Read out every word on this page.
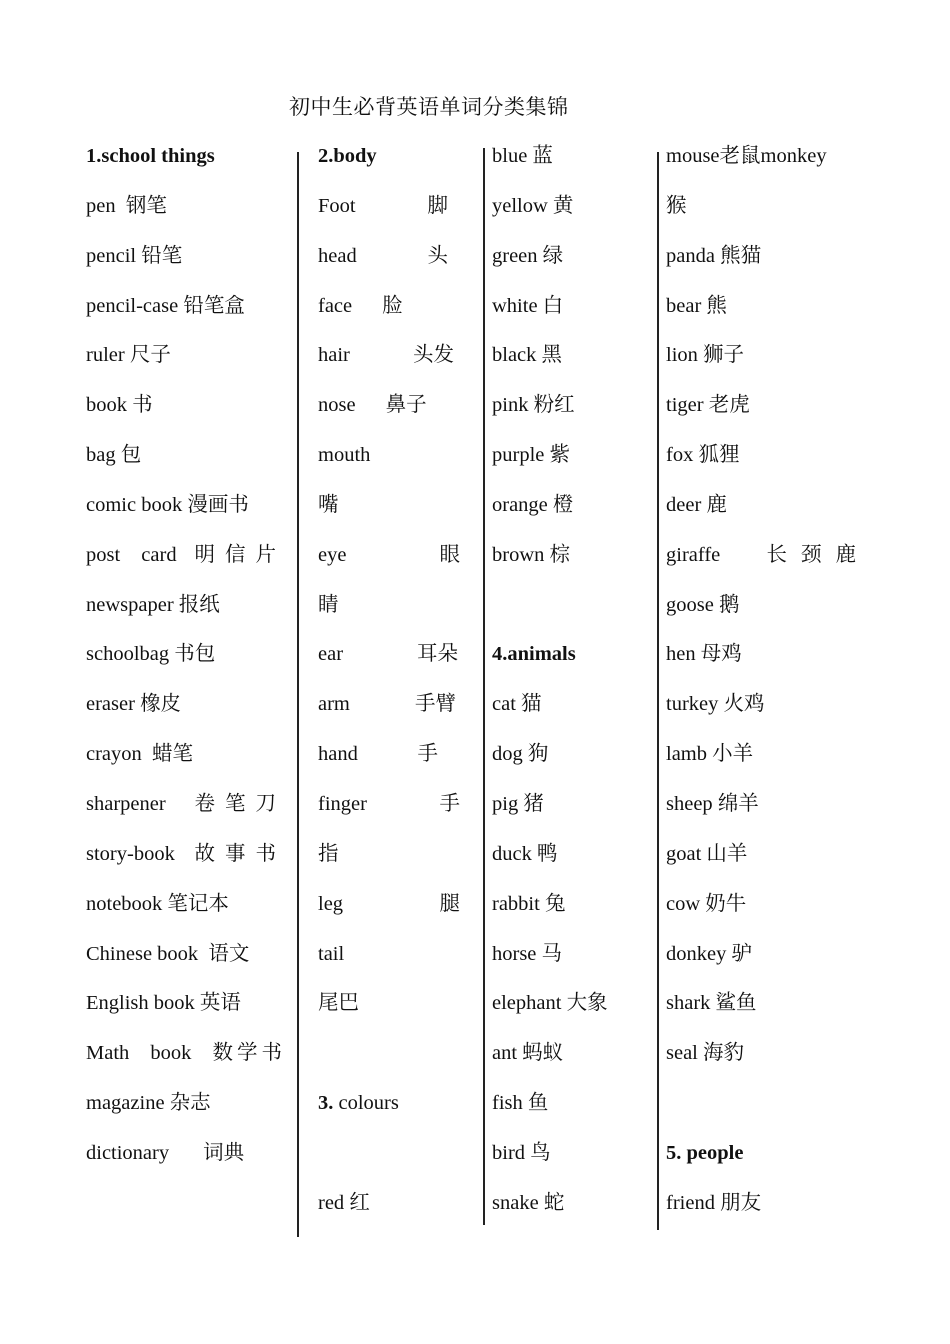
初中生必背英语单词分类集锦
1.school things
pen 钢笔
pencil 铅笔
pencil-case 铅笔盒
ruler 尺子
book 书
bag 包
comic book 漫画书
post card 明信片
newspaper 报纸
schoolbag 书包
eraser 橡皮
crayon 蜡笔
sharpener 卷笔刀
story-book 故事书
notebook 笔记本
Chinese book 语文
English book 英语
Math book 数学书
magazine 杂志
dictionary 词典
2.body
Foot	脚
head	头
face 脸
hair	头发
nose 鼻子
mouth
嘴
eye	眼
睛
ear	耳朵
arm	手臂
hand	手
finger	手
指
leg	腿
tail
尾巴
3. colours
red 红
blue 蓝
yellow 黄
green 绿
white 白
black 黑
pink 粉红
purple 紫
orange 橙
brown 棕
4.animals
cat 猫
dog 狗
pig 猪
duck 鸭
rabbit 兔
horse 马
elephant 大象
ant 蚂蚁
fish 鱼
bird 鸟
snake 蛇
mouse老鼠monkey
猴
panda 熊猫
bear 熊
lion 狮子
tiger 老虎
fox 狐狸
deer 鹿
giraffe 长颈鹿
goose 鹅
hen 母鸡
turkey 火鸡
lamb 小羊
sheep 绵羊
goat 山羊
cow 奶牛
donkey 驴
shark 鲨鱼
seal 海豹
5. people
friend 朋友
